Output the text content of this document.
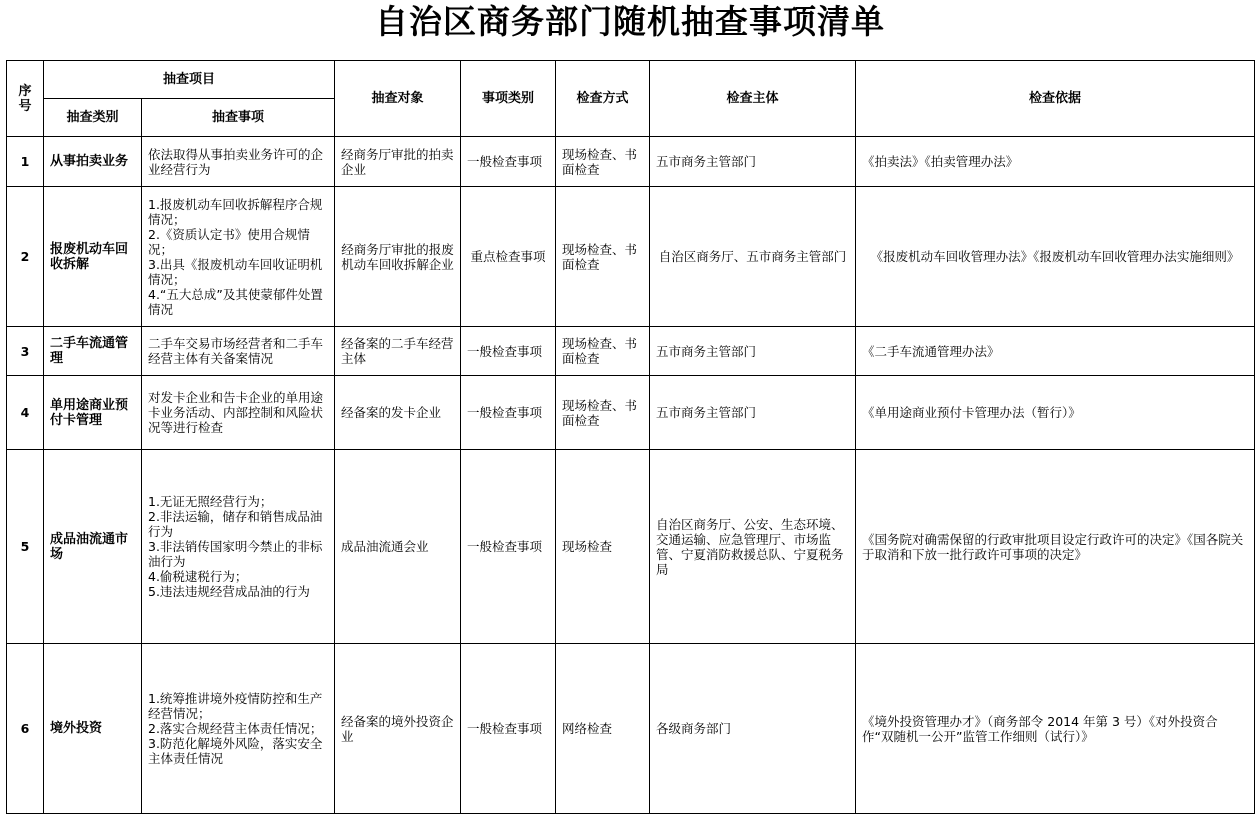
自治区商务部门随机抽查事项清单
序号	抽查项目		抽查对象	事项类别	检查方式	检查主体	检查依据
	抽查类别	抽查事项					
1	从事拍卖业务	依法取得从事拍卖业务许可的企业经营行为	经商务厅审批的拍卖企业	一般检查事项	现场检查、书面检查	五市商务主管部门	《拍卖法》《拍卖管理办法》
2	报废机动车回收拆解	1.报废机动车回收拆解程序合规情况；
2.《资质认定书》使用合规情况；
3.出具《报废机动车回收证明机情况；
4.“五大总成”及其使蒙郁件处置情况	经商务厅审批的报废机动车回收拆解企业	重点检查事项	现场检查、书面检查	自治区商务厅、五市商务主管部门	《报废机动车回收管理办法》《报废机动车回收管理办法实施细则》
3	二手车流通管理	二手车交易市场经营者和二手车经营主体有关备案情况	经备案的二手车经营主体	一般检查事项	现场检查、书面检查	五市商务主管部门	《二手车流通管理办法》
4	单用途商业预付卡管理	对发卡企业和告卡企业的单用途卡业务活动、内部控制和风险状况等进行检查	经备案的发卡企业	一般检查事项	现场检查、书面检查	五市商务主管部门	《单用途商业预付卡管理办法（暂行）》
5	成品油流通市场	1.无证无照经营行为；
2.非法运输，储存和销售成品油行为
3.非法销传国家明今禁止的非标油行为
4.偷税逮税行为；
5.违法违规经营成品油的行为	成品油流通会业	一般检查事项	现场检查	自治区商务厅、公安、生态环境、交通运输、应急管理厅、市场监管、宁夏消防救援总队、宁夏税务局	《国务院对确需保留的行政审批项目设定行政许可的决定》《国各院关于取消和下放一批行政许可事项的决定》
6	境外投资	1.统筹推讲境外疫情防控和生产经营情况；
2.落实合规经营主体责任情况；
3.防范化解境外风险，落实安全
主体责任情况	经备案的境外投资企业	一般检查事项	网络检查	各级商务部门	《境外投资管理办才》（商务部令 2014 年第 3 号）《对外投资合作“双随机一公开”监管工作细则（试行）》
